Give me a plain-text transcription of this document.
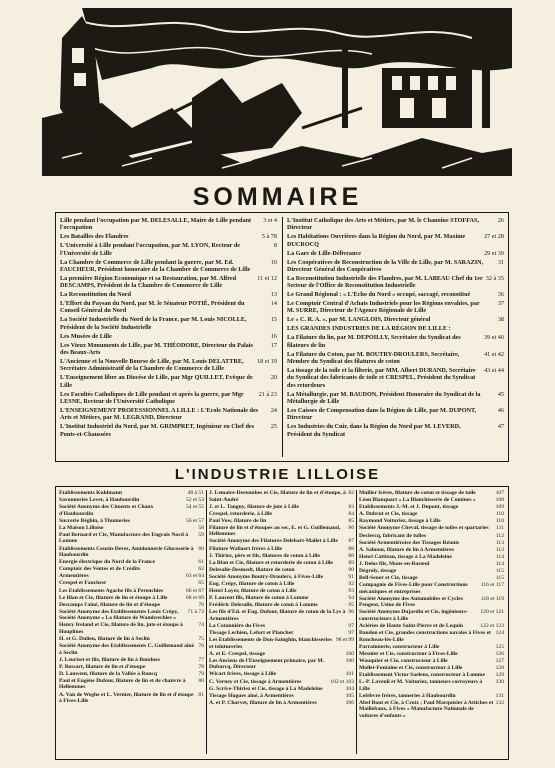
SOMMAIRE
Lille pendant l'occupation par M. DELESALLE, Maire de Lille pendant l'occupation
3 et 4
Les Batailles des Flandres	5 à 78
L'Université à Lille pendant l'occupation, par M. LYON, Recteur de l'Université de Lille
8
La Chambre de Commerce de Lille pendant la guerre, par M. Ed. FAUCHEUR, Président honoraire de la Chambre de Commerce de Lille
10
La première Région Economique et sa Restauration, par M. Alfred DESCAMPS, Président de la Chambre de Commerce de Lille
11 et 12
La Reconstitution du Nord	13
L'Effort du Paysan du Nord, par M. le Sénateur POTIÉ, Président du Conseil Général du Nord
14
La Société Industrielle du Nord de la France, par M. Louis NICOLLE, Président de la Société Industrielle
15
Les Musées de Lille	16
Les Vieux Monuments de Lille, par M. THÉODORE, Directeur du Palais des Beaux-Arts
17
L'Ancienne et la Nouvelle Bourse de Lille, par M. Louis DELATTRE, Secrétaire Administratif de la Chambre de Commerce de Lille
18 et 19
L'Enseignement libre au Diocèse de Lille, par Mgr QUILLET, Evêque de Lille
20
Les Facultés Catholiques de Lille pendant et après la guerre, par Mgr LESNE, Recteur de l'Université Catholique
21 à 23
L'ENSEIGNEMENT PROFESSIONNEL A LILLE : L'Ecole Nationale des Arts et Métiers, par M. LEGRAND, Directeur
24
L'Institut Industriel du Nord, par M. GRIMPRET, Ingénieur en Chef des Ponts-et-Chaussées
25
L'Institut Catholique des Arts et Métiers, par M. le Chanoine STOFFAS, Directeur
26
Les Habitations Ouvrières dans la Région du Nord, par M. Maxime DUCROCQ
27 et 28
La Gare de Lille-Délivrance	29 et 30
Les Coopératives de Reconstruction de la Ville de Lille, par M. SARAZIN, Directeur Général des Coopératives
31
La Reconstitution Industrielle des Flandres, par M. LABEAU Chef du 1er Secteur de l'Office de Reconstitution Industrielle
32 à 35
Le Grand Régional : « L'Echo du Nord » occupé, saccagé, reconstitué	36
Le Comptoir Central d'Achats Industriels pour les Régions envahies, par M. SURRE, Directeur de l'Agence Régionale de Lille
37
Le « C. R. A. », par M. LANGLOIS, Directeur général	38
LES GRANDES INDUSTRIES DE LA RÉGION DE LILLE :
La Filature du lin, par M. DEPOILLY, Secrétaire du Syndicat des filateurs de lin
39 et 40
La Filature du Coton, par M. BOUTRY-DROULERS, Secrétaire, Membre du Syndicat des filatures de coton
41 et 42
La tissage de la toile et la filterie, par MM. Albert DURAND, Secrétaire du Syndicat des fabricants de toile et CRESPEL, Président du Syndicat des retordeurs
43 et 44
La Métallurgie, par M. BAUDON, Président Honoraire du Syndicat de la Métallurgie de Lille
45
Les Caisses de Compensation dans la Région de Lille, par M. DUPONT, Directeur
46
Les Industries du Cuir, dans la Région du Nord par M. LEVERD, Président du Syndicat
47
L'INDUSTRIE LILLOISE
Etablissements Kuhlmann	48 à 51
Savonneries Lever, à Haubourdin	52 et 53
Société Anonyme des Ciments et Chaux d'Haubourdin
54 et 55
Sucrerie Béghin, à Thumeries	56 et 57
La Maison Lilloise	58
Paul Bernard et Cie, Manufacture des Engrais Nord à Lomme
59
Etablissements Cousin-Derez, Amidonnerie Glucoserie à Haubourdin
60
Energie électrique du Nord de la France	61
Comptoir des Ventes et de Crédits	62
Armentières	63 et 64
Crespel et Fauchest	65
Les Etablissements Agache fils à Perenchies	66 et 67
Le Blan et Cie, filature de lin et étoupe à Lille	68 et 69
Descamps l'aîné, filature de lin et d'étoupe	70
Société Anonyme des Etablissements Louis Crépy, Société Anonyme « La filature de Wambrechies »
71 à 73
Henry Ireland et Cie, filature de lin, jute et étoupe à Houplines
74
H. et G. Dulieu, filature de lin à Seclin	75
Société Anonyme des Etablissements C. Guillemaud aîné à Seclin
76
J. Leuriset et fils, filature de lin à Bondues	77
P. Bossart, filature de lin et d'étoupe	78
D. Lauwent, filature de la Vallée à Roncq	79
Paul et Eugène Dufour, filature de lin et de chanvre à Hellemmes
80
A. Van de Weghe et L. Vernier, filature de lin et d'étoupe à Fives-Lille
81
J. Lemaire-Destombes et Cie, filature de lin et d'étoupe, à Saint-André
82
J. et L. Tanguy, filature de jute à Lille	83
Crespel, retorderie, à Lille	84
Paul Vow, filature de lin	85
Filature de lin et d'étoupes au sec, E. et G. Guillemand, Hellemmes
86
Société Anonyme des Filatures Delebart-Mallet à Lille	87
Filature Wallaert frères à Lille	88
J. Thiriez, père et fils, filatures de coton à Lille	88
La Blan et Cie, filature et retorderie de coton à Lille	89
Delesalle-Desmedt, filature de coton	90
Société Anonyme Boutry-Droulers, à Fives-Lille	91
Eug. Crépy, filature de coton à Lille	92
Henri Loyer, filature de coton à Lille	93
P. Laurent fils, filature de coton à Lomme	94
Frédéric Delesalle, filature de coton à Lomme	95
Les fils d'Ed. et Eug. Dufour, filature de coton de la Lys à Armentières
96
La Cotonnière du Fives	97
Tissage Lechien, Lefort et Planchet	97
Les Etablissements de Don-Sainghin, blanchisseries et teintureries
98 et 99
A. et E. Crespel, tissage	100
Les Anciens de l'Enseignement primaire, par M. Duburcq, Directeur
100
Wicart frères, tissage à Lille	101
C. Verney et Cie, tissage à Armentières	102 et 103
G. Scrive-Thiriez et Cie, tissage à La Madeleine	104
Tissage Hugues aîné, à Armentières	105
A. et P. Charvet, filature de lin à Armentières	106
Mullier frères, filature de coton et tissage de toile	107
Léon Blanquart « La Blanchisserie de Comines »	108
Etablissements J.-M. et J. Dupont, tissage	109
A. Dubrut et Cie, tissage	110
Raymond Voituriez, tissage à Lille	110
Société Anonyme Cheval, tissage de toiles et spartaries	111
Declercq, fabricant de tulles	112
Société Armentiéroise des Tissages Réunis	113
A. Salmon, filature de lin à Armentières	113
Henri Cattieau, tissage à La Madeleine	114
J. Delos fils, Mons-en-Barœul	114
Dégroly, tissage	115
Bell-Seuer et Cie, tissage	115
Compagnie de Fives-Lille pour Constructions mécaniques et entreprises
116 et 117
Société Anonyme des Automobiles et Cycles Peugeot, Usine de Fives
118 et 119
Société Anonyme Dujardin et Cie, ingénieurs-constructeurs à Lille
120 et 121
Aciéries de Haute Saint-Pierre et de Lequin	122 et 123
Baudon et Cie, grandes constructions navales à Fives et Roncheau-lès-Lille
124
Parrainnerie, constructeur à Lille	125
Mesnier et Cie, constructeur à Fives-Lille	126
Wauquier et Cie, constructeur à Lille	127
Mollet-Fontaine et Cie, constructeur à Lille	128
Etablissement Victor Saelens, constructeur à Lomme	129
L.-P. Lavenil et M. Voituriez, tanneurs corroyeurs à Lille
130
Lefebvre frères, tanneries à Haubourdin	131
Abel Bout et Cie, à Croix ; Paul Marquisier à Attiches et Maillebaux, à Fives « Manufacture Nationale de voitures d'enfants »
132
